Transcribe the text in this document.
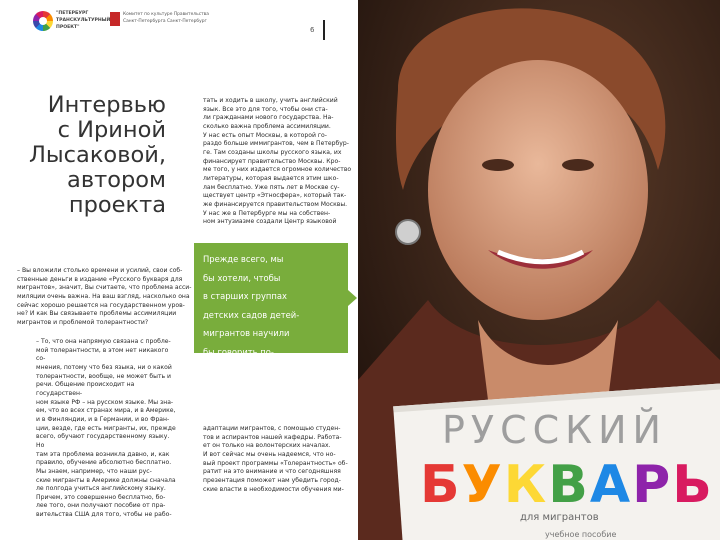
"ПЕТЕРБУРГ
ТРАНСКУЛЬТУРНЫЙ
ПРОЕКТ"
Комитет по культуре Правительства
Санкт-Петербурга Санкт-Петербург
6
Интервью
с Ириной
Лысаковой,
автором
проекта

– Вы вложили столько времени и усилий, свои соб-
ственные деньги в издание «Русского букваря для
мигрантов», значит, Вы считаете, что проблема асси-
миляции очень важна. На ваш взгляд, насколько она
сейчас хорошо решается на государственном уров-
не? И как Вы связываете проблемы ассимиляции
мигрантов и проблемой толерантности?

– То, что она напрямую связана с пробле-
мой толерантности, в этом нет никакого со-
мнения, потому что без языка, ни о какой
толерантности, вообще, не может быть и
речи. Общение происходит на государствен-
ном языке РФ – на русском языке. Мы зна-
ем, что во всех странах мира, и в Америке,
и в Финляндии, и в Германии, и во Фран-
ции, везде, где есть мигранты, их, прежде
всего, обучают государственному языку. Но
там эта проблема возникла давно, и, как
правило, обучение абсолютно бесплатно.
Мы знаем, например, что наши рус-
ские мигранты в Америке должны сначала
ле полгода учиться английскому языку.
Причем, это совершенно бесплатно, бо-
лее того, они получают пособие от пра-
вительства США для того, чтобы не рабо-

тать и ходить в школу, учить английский
язык. Все это для того, чтобы они ста-
ли гражданами нового государства. На-
сколько важна проблема ассимиляции.
У нас есть опыт Москвы, в которой го-
раздо больше иммигрантов, чем в Петербур-
ге. Там созданы школы русского языка, их
финансирует правительство Москвы. Кро-
ме того, у них издается огромное количество
литературы, которая выдается этим шко-
лам бесплатно. Уже пять лет в Москве су-
ществует центр «Этносфера», который так-
же финансируется правительством Москвы.
У нас же в Петербурге мы на собствен-
ном энтузиазме создали Центр языковой

адаптации мигрантов, с помощью студен-
тов и аспирантов нашей кафедры. Работа-
ет он только на волонтерских началах.
И вот сейчас мы очень надеемся, что но-
вый проект программы «Толерантность» об-
ратит на это внимание и что сегодняшняя
презентация поможет нам убедить город-
ские власти в необходимости обучения ми-

Прежде всего, мы
бы хотели, чтобы
в старших группах
детских садов детей-
мигрантов научили
бы говорить по-
русски при помощи
нашей книги.

РУССКИЙ
БУКВАРЬ
для мигрантов
учебное пособие
